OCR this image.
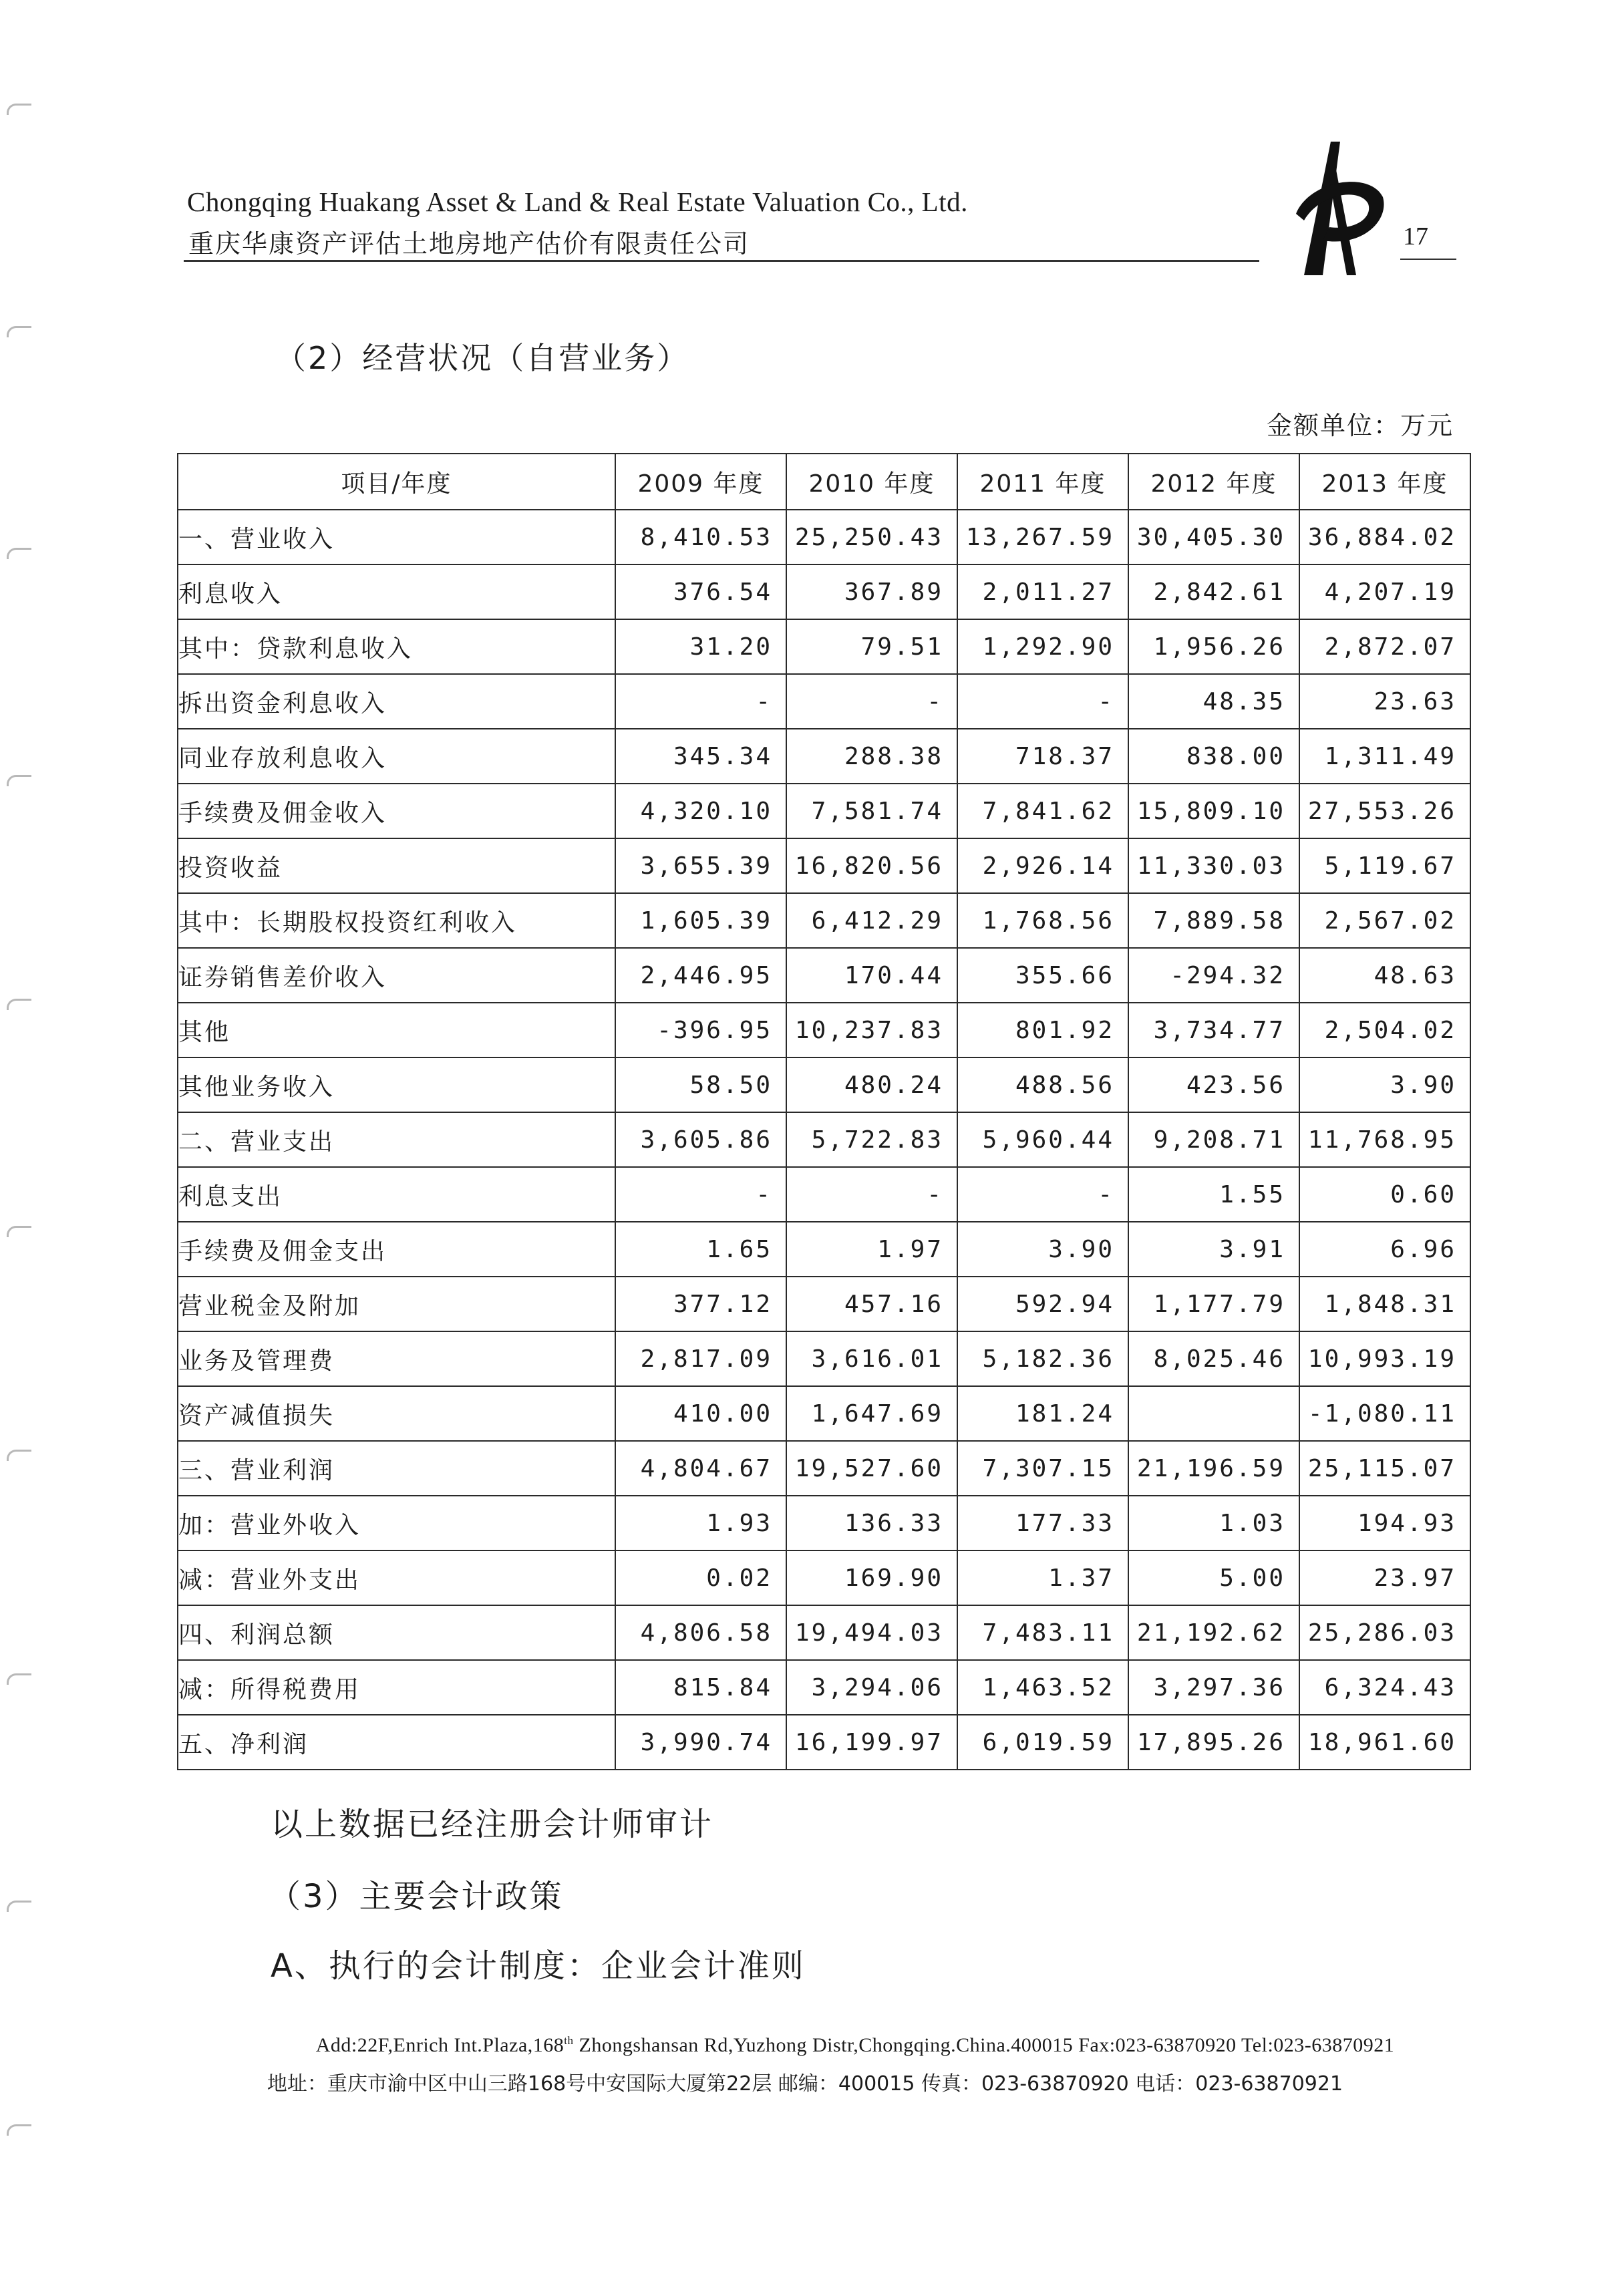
Chongqing Huakang Asset & Land & Real Estate Valuation Co., Ltd.
重庆华康资产评估土地房地产估价有限责任公司	17
（2）经营状况（自营业务）
金额单位：万元
项目/年度	2009 年度	2010 年度	2011 年度	2012 年度	2013 年度
一、营业收入	8,410.53	25,250.43	13,267.59	30,405.30	36,884.02
利息收入	376.54	367.89	2,011.27	2,842.61	4,207.19
其中：贷款利息收入	31.20	79.51	1,292.90	1,956.26	2,872.07
拆出资金利息收入	-	-	-	48.35	23.63
同业存放利息收入	345.34	288.38	718.37	838.00	1,311.49
手续费及佣金收入	4,320.10	7,581.74	7,841.62	15,809.10	27,553.26
投资收益	3,655.39	16,820.56	2,926.14	11,330.03	5,119.67
其中：长期股权投资红利收入	1,605.39	6,412.29	1,768.56	7,889.58	2,567.02
证券销售差价收入	2,446.95	170.44	355.66	-294.32	48.63
其他	-396.95	10,237.83	801.92	3,734.77	2,504.02
其他业务收入	58.50	480.24	488.56	423.56	3.90
二、营业支出	3,605.86	5,722.83	5,960.44	9,208.71	11,768.95
利息支出	-	-	-	1.55	0.60
手续费及佣金支出	1.65	1.97	3.90	3.91	6.96
营业税金及附加	377.12	457.16	592.94	1,177.79	1,848.31
业务及管理费	2,817.09	3,616.01	5,182.36	8,025.46	10,993.19
资产减值损失	410.00	1,647.69	181.24		-1,080.11
三、营业利润	4,804.67	19,527.60	7,307.15	21,196.59	25,115.07
加：营业外收入	1.93	136.33	177.33	1.03	194.93
减：营业外支出	0.02	169.90	1.37	5.00	23.97
四、利润总额	4,806.58	19,494.03	7,483.11	21,192.62	25,286.03
减：所得税费用	815.84	3,294.06	1,463.52	3,297.36	6,324.43
五、净利润	3,990.74	16,199.97	6,019.59	17,895.26	18,961.60
以上数据已经注册会计师审计
（3）主要会计政策
A、执行的会计制度：企业会计准则
Add:22F,Enrich Int.Plaza,168th Zhongshansan Rd,Yuzhong Distr,Chongqing.China.400015 Fax:023-63870920 Tel:023-63870921
地址：重庆市渝中区中山三路168号中安国际大厦第22层 邮编：400015 传真：023-63870920 电话：023-63870921
